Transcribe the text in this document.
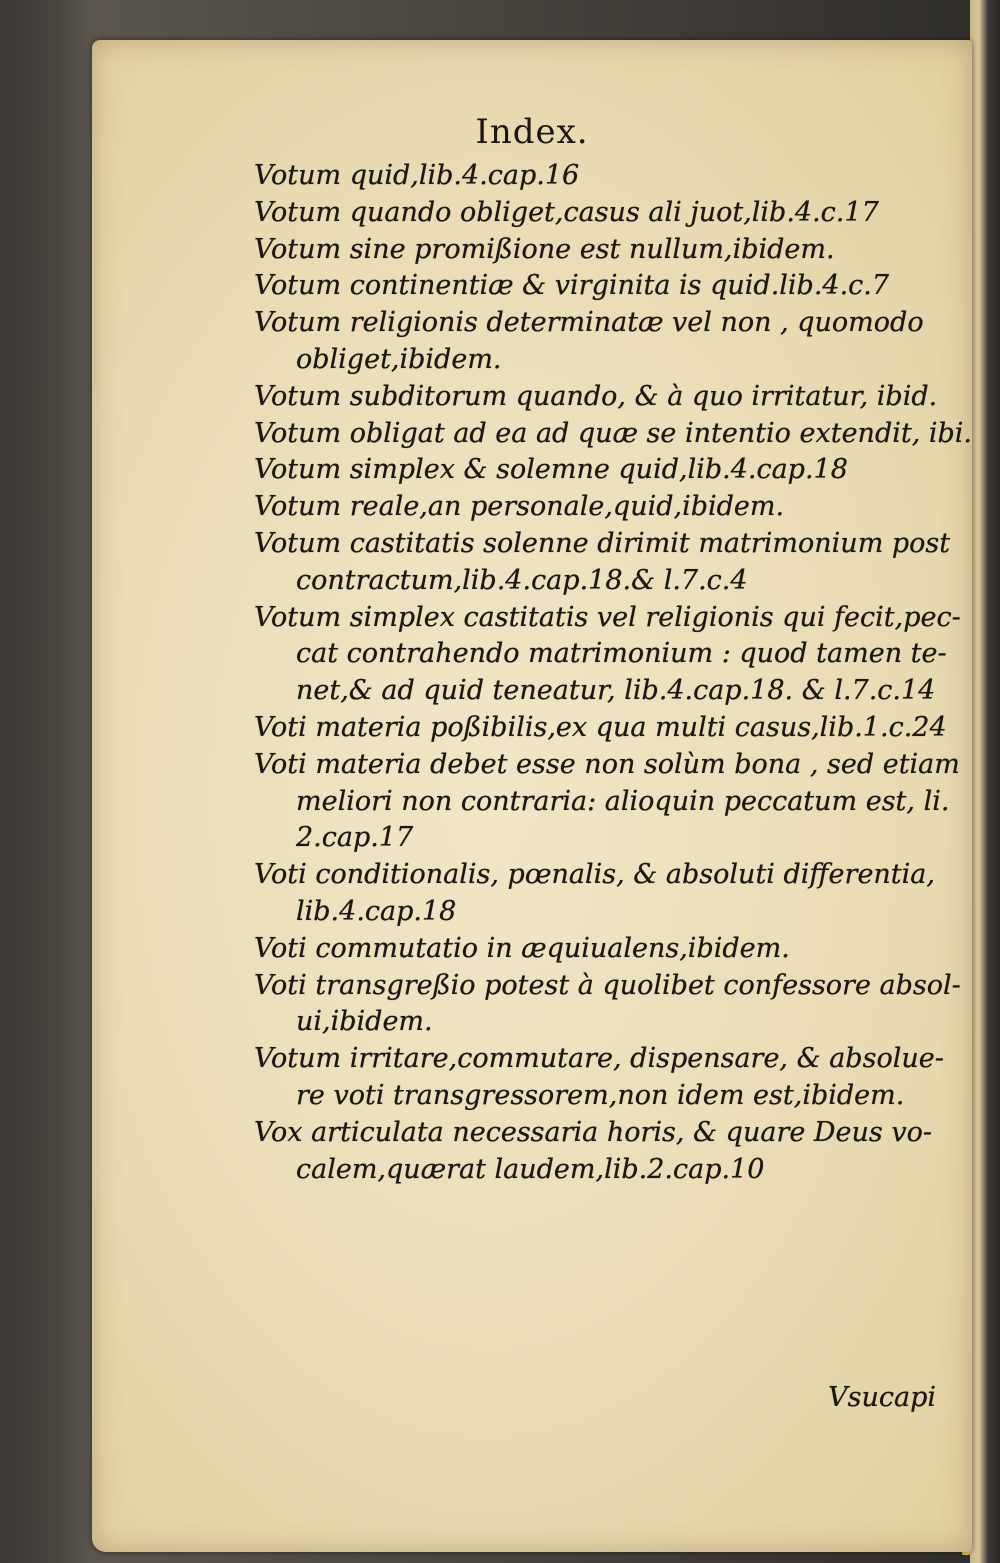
Index.
Votum quid,lib.4.cap.16
Votum quando obliget,casus ali juot,lib.4.c.17
Votum sine promißione est nullum,ibidem.
Votum continentiæ & virginita is quid.lib.4.c.7
Votum religionis determinatæ vel non , quomodo
obliget,ibidem.
Votum subditorum quando, & à quo irritatur, ibid.
Votum obligat ad ea ad quæ se intentio extendit, ibi.
Votum simplex & solemne quid,lib.4.cap.18
Votum reale,an personale,quid,ibidem.
Votum castitatis solenne dirimit matrimonium post
contractum,lib.4.cap.18.& l.7.c.4
Votum simplex castitatis vel religionis qui fecit,pec-
cat contrahendo matrimonium : quod tamen te-
net,& ad quid teneatur, lib.4.cap.18. & l.7.c.14
Voti materia poßibilis,ex qua multi casus,lib.1.c.24
Voti materia debet esse non solùm bona , sed etiam
meliori non contraria: alioquin peccatum est, li.
2.cap.17
Voti conditionalis, pœnalis, & absoluti differentia,
lib.4.cap.18
Voti commutatio in æquiualens,ibidem.
Voti transgreßio potest à quolibet confessore absol-
ui,ibidem.
Votum irritare,commutare, dispensare, & absolue-
re voti transgressorem,non idem est,ibidem.
Vox articulata necessaria horis, & quare Deus vo-
calem,quærat laudem,lib.2.cap.10
Vsucapi
